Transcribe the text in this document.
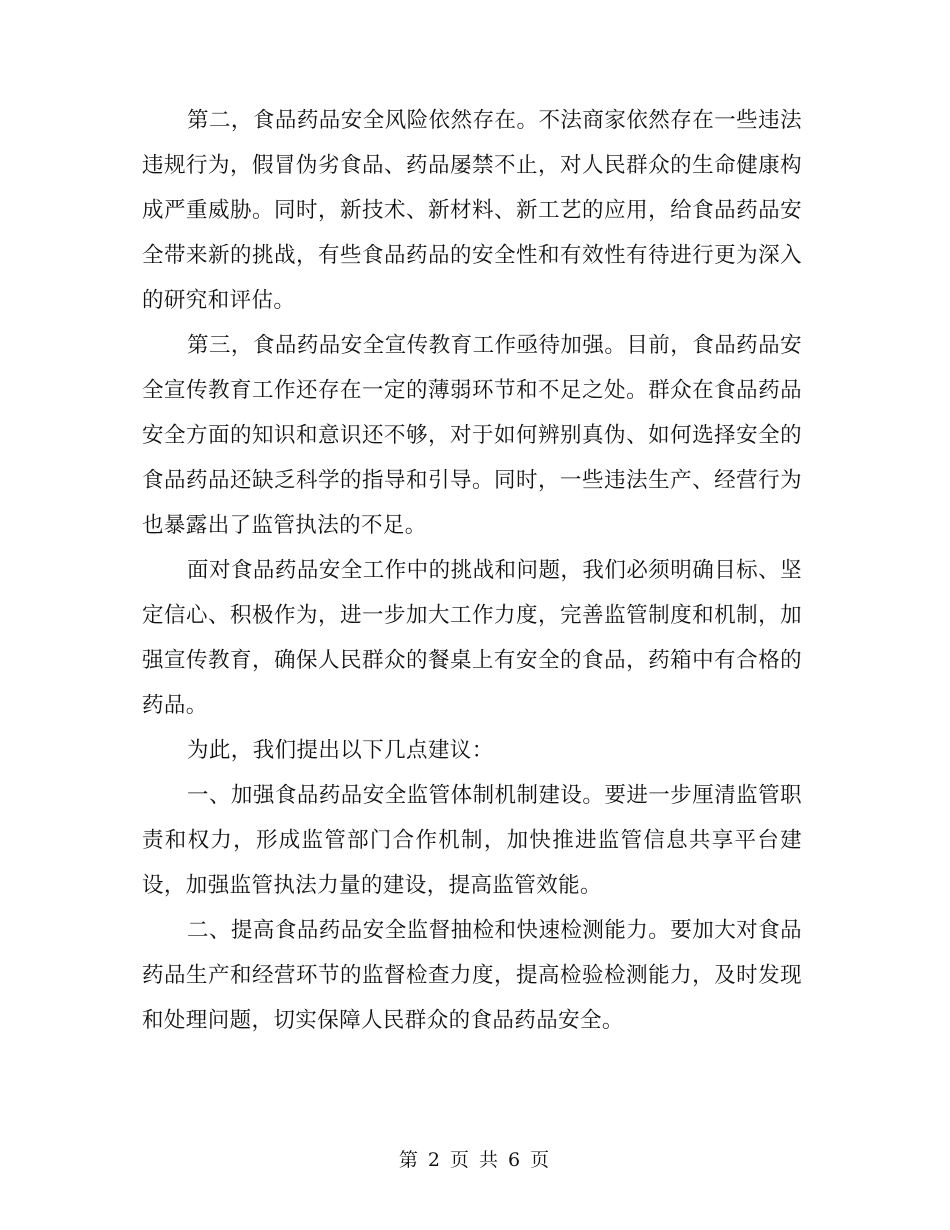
第二，食品药品安全风险依然存在。不法商家依然存在一些违法违规行为，假冒伪劣食品、药品屡禁不止，对人民群众的生命健康构成严重威胁。同时，新技术、新材料、新工艺的应用，给食品药品安全带来新的挑战，有些食品药品的安全性和有效性有待进行更为深入的研究和评估。

第三，食品药品安全宣传教育工作亟待加强。目前，食品药品安全宣传教育工作还存在一定的薄弱环节和不足之处。群众在食品药品安全方面的知识和意识还不够，对于如何辨别真伪、如何选择安全的食品药品还缺乏科学的指导和引导。同时，一些违法生产、经营行为也暴露出了监管执法的不足。

面对食品药品安全工作中的挑战和问题，我们必须明确目标、坚定信心、积极作为，进一步加大工作力度，完善监管制度和机制，加强宣传教育，确保人民群众的餐桌上有安全的食品，药箱中有合格的药品。

为此，我们提出以下几点建议：

一、加强食品药品安全监管体制机制建设。要进一步厘清监管职责和权力，形成监管部门合作机制，加快推进监管信息共享平台建设，加强监管执法力量的建设，提高监管效能。

二、提高食品药品安全监督抽检和快速检测能力。要加大对食品药品生产和经营环节的监督检查力度，提高检验检测能力，及时发现和处理问题，切实保障人民群众的食品药品安全。

第 2 页 共 6 页
